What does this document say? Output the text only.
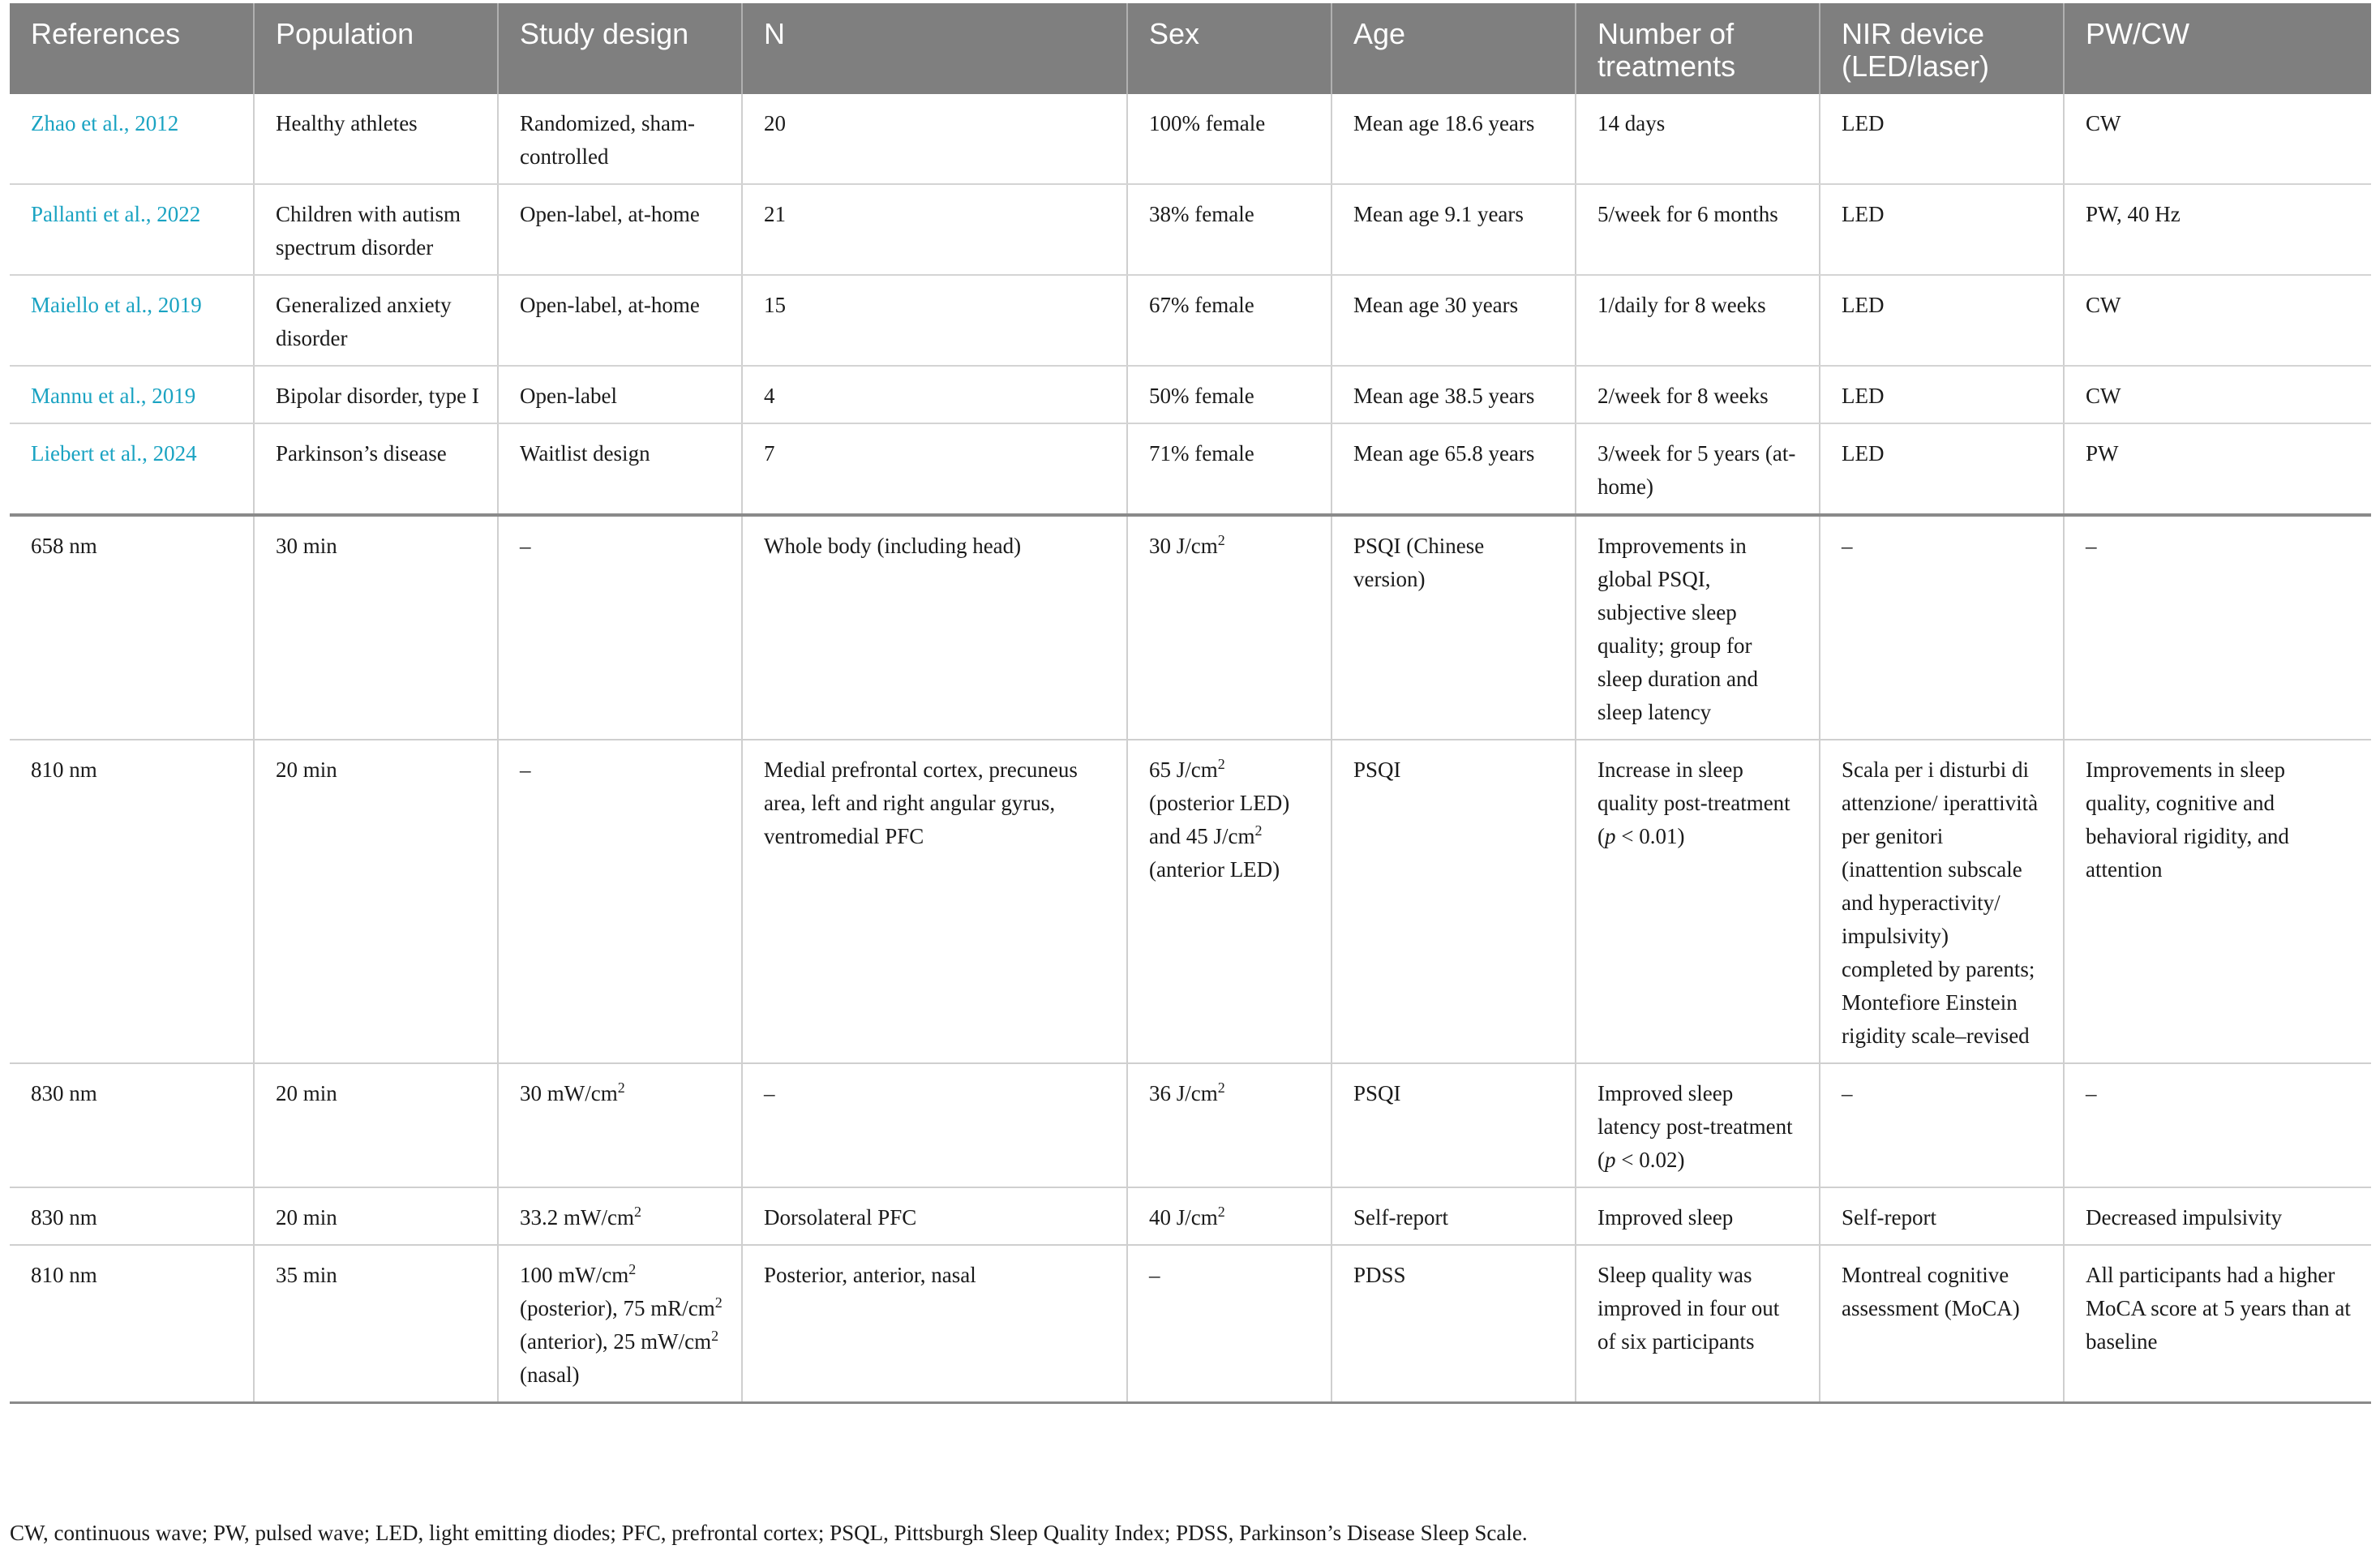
References	Population	Study design	N	Sex	Age	Number of treatments	NIR device (LED/laser)	PW/CW
Zhao et al., 2012	Healthy athletes	Randomized, sham-controlled	20	100% female	Mean age 18.6 years	14 days	LED	CW
Pallanti et al., 2022	Children with autism spectrum disorder	Open-label, at-home	21	38% female	Mean age 9.1 years	5/week for 6 months	LED	PW, 40 Hz
Maiello et al., 2019	Generalized anxiety disorder	Open-label, at-home	15	67% female	Mean age 30 years	1/daily for 8 weeks	LED	CW
Mannu et al., 2019	Bipolar disorder, type I	Open-label	4	50% female	Mean age 38.5 years	2/week for 8 weeks	LED	CW
Liebert et al., 2024	Parkinson’s disease	Waitlist design	7	71% female	Mean age 65.8 years	3/week for 5 years (at-home)	LED	PW
658 nm	30 min	–	Whole body (including head)	30 $J/cm^2$	PSQI (Chinese version)	Improvements in global PSQI, subjective sleep quality; group for sleep duration and sleep latency	–	–
810 nm	20 min	–	Medial prefrontal cortex, precuneus area, left and right angular gyrus, ventromedial PFC	65 $J/cm^2$ (posterior LED) and 45 $J/cm^2$ (anterior LED)	PSQI	Increase in sleep quality post-treatment (p < 0.01)	Scala per i disturbi di attenzione/ iperattività per genitori (inattention subscale and hyperactivity/ impulsivity) completed by parents; Montefiore Einstein rigidity scale–revised	Improvements in sleep quality, cognitive and behavioral rigidity, and attention
830 nm	20 min	30 $mW/cm^2$	–	36 $J/cm^2$	PSQI	Improved sleep latency post-treatment (p < 0.02)	–	–
830 nm	20 min	33.2 $mW/cm^2$	Dorsolateral PFC	40 $J/cm^2$	Self-report	Improved sleep	Self-report	Decreased impulsivity
810 nm	35 min	100 $mW/cm^2$ (posterior), 75 $mR/cm^2$ (anterior), 25 $mW/cm^2$ (nasal)	Posterior, anterior, nasal	–	PDSS	Sleep quality was improved in four out of six participants	Montreal cognitive assessment (MoCA)	All participants had a higher MoCA score at 5 years than at baseline
CW, continuous wave; PW, pulsed wave; LED, light emitting diodes; PFC, prefrontal cortex; PSQL, Pittsburgh Sleep Quality Index; PDSS, Parkinson’s Disease Sleep Scale.
